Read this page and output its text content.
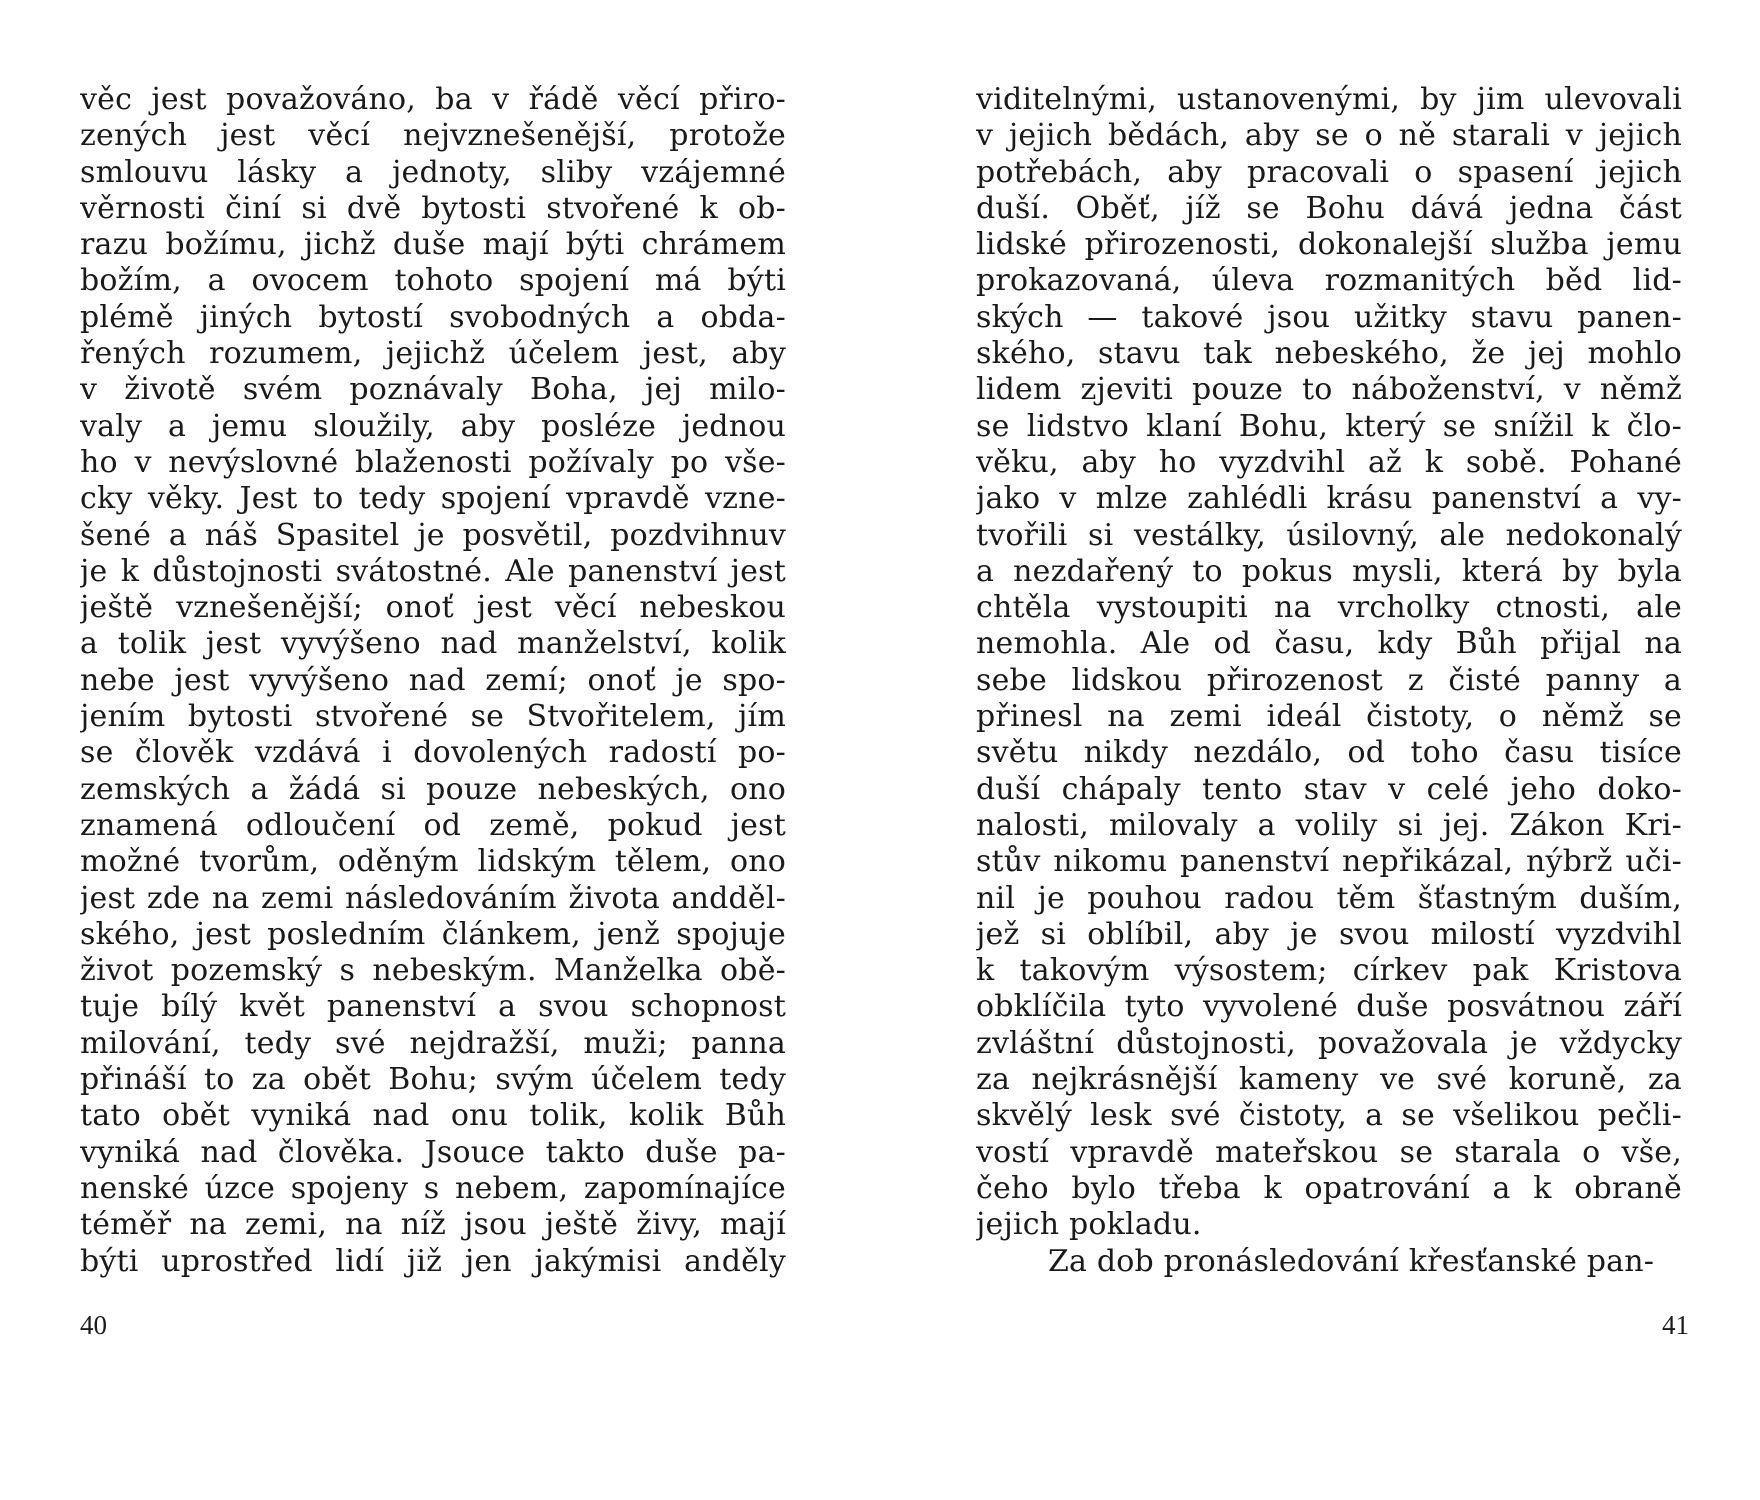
věc jest považováno, ba v řádě věcí přiro-
zených jest věcí nejvznešenější, protože
smlouvu lásky a jednoty, sliby vzájemné
věrnosti činí si dvě bytosti stvořené k ob-
razu božímu, jichž duše mají býti chrámem
božím, a ovocem tohoto spojení má býti
plémě jiných bytostí svobodných a obda-
řených rozumem, jejichž účelem jest, aby
v životě svém poznávaly Boha, jej milo-
valy a jemu sloužily, aby posléze jednou
ho v nevýslovné blaženosti požívaly po vše-
cky věky. Jest to tedy spojení vpravdě vzne-
šené a náš Spasitel je posvětil, pozdvihnuv
je k důstojnosti svátostné. Ale panenství jest
ještě vznešenější; onoť jest věcí nebeskou
a tolik jest vyvýšeno nad manželství, kolik
nebe jest vyvýšeno nad zemí; onoť je spo-
jením bytosti stvořené se Stvořitelem, jím
se člověk vzdává i dovolených radostí po-
zemských a žádá si pouze nebeských, ono
znamená odloučení od země, pokud jest
možné tvorům, oděným lidským tělem, ono
jest zde na zemi následováním života andděl-
ského, jest posledním článkem, jenž spojuje
život pozemský s nebeským. Manželka obě-
tuje bílý květ panenství a svou schopnost
milování, tedy své nejdražší, muži; panna
přináší to za obět Bohu; svým účelem tedy
tato obět vyniká nad onu tolik, kolik Bůh
vyniká nad člověka. Jsouce takto duše pa-
nenské úzce spojeny s nebem, zapomínajíce
téměř na zemi, na níž jsou ještě živy, mají
býti uprostřed lidí již jen jakýmisi anděly
40
viditelnými, ustanovenými, by jim ulevovali
v jejich bědách, aby se o ně starali v jejich
potřebách, aby pracovali o spasení jejich
duší. Oběť, jíž se Bohu dává jedna část
lidské přirozenosti, dokonalejší služba jemu
prokazovaná, úleva rozmanitých běd lid-
ských — takové jsou užitky stavu panen-
ského, stavu tak nebeského, že jej mohlo
lidem zjeviti pouze to náboženství, v němž
se lidstvo klaní Bohu, který se snížil k člo-
věku, aby ho vyzdvihl až k sobě. Pohané
jako v mlze zahlédli krásu panenství a vy-
tvořili si vestálky, úsilovný, ale nedokonalý
a nezdařený to pokus mysli, která by byla
chtěla vystoupiti na vrcholky ctnosti, ale
nemohla. Ale od času, kdy Bůh přijal na
sebe lidskou přirozenost z čisté panny a
přinesl na zemi ideál čistoty, o němž se
světu nikdy nezdálo, od toho času tisíce
duší chápaly tento stav v celé jeho doko-
nalosti, milovaly a volily si jej. Zákon Kri-
stův nikomu panenství nepřikázal, nýbrž uči-
nil je pouhou radou těm šťastným duším,
jež si oblíbil, aby je svou milostí vyzdvihl
k takovým výsostem; církev pak Kristova
obklíčila tyto vyvolené duše posvátnou září
zvláštní důstojnosti, považovala je vždycky
za nejkrásnější kameny ve své koruně, za
skvělý lesk své čistoty, a se všelikou pečli-
vostí vpravdě mateřskou se starala o vše,
čeho bylo třeba k opatrování a k obraně
jejich pokladu.
Za dob pronásledování křesťanské pan-
41
